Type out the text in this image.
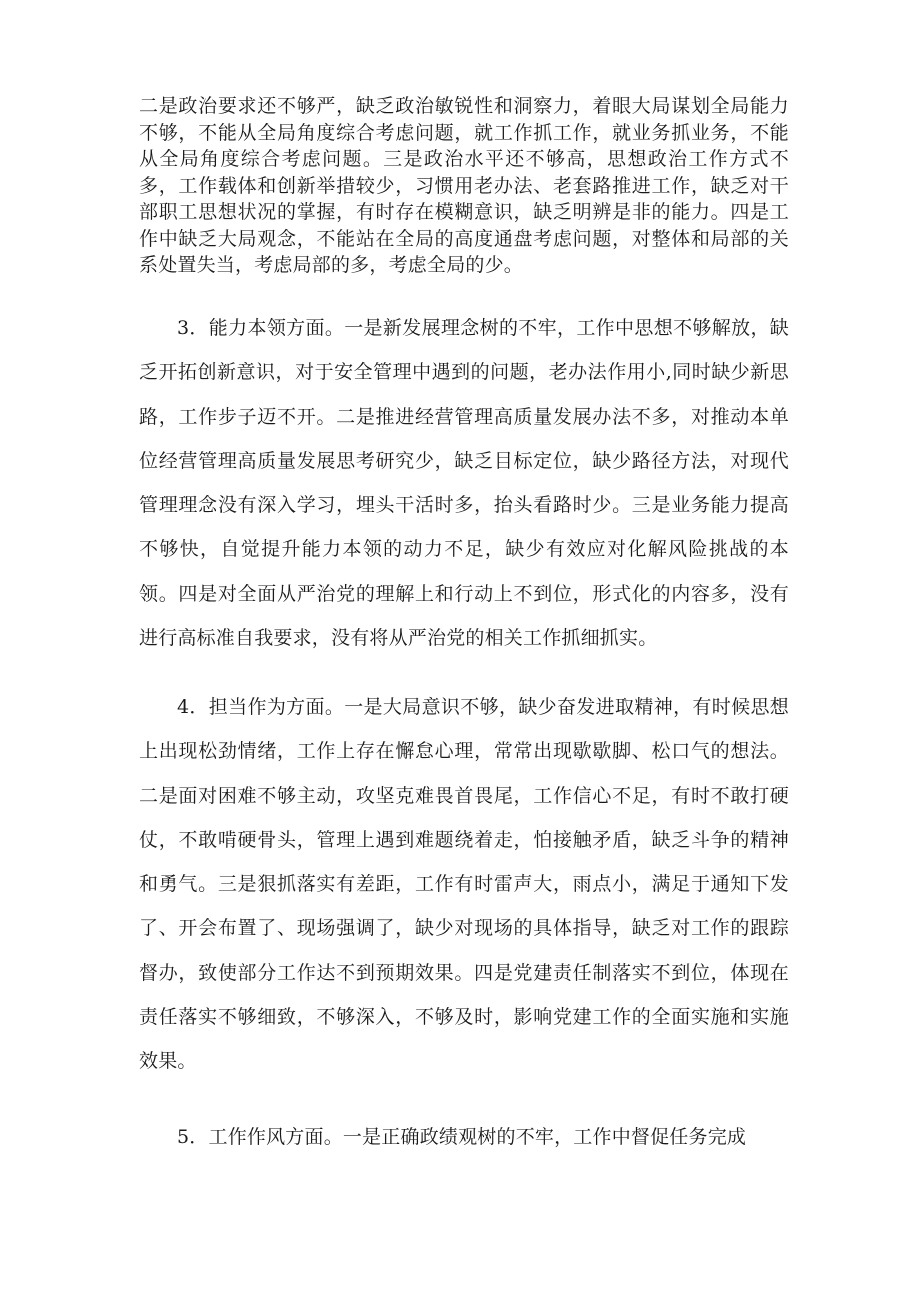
二是政治要求还不够严，缺乏政治敏锐性和洞察力，着眼大局谋划全局能力不够，不能从全局角度综合考虑问题，就工作抓工作，就业务抓业务，不能从全局角度综合考虑问题。三是政治水平还不够高，思想政治工作方式不多，工作载体和创新举措较少，习惯用老办法、老套路推进工作，缺乏对干部职工思想状况的掌握，有时存在模糊意识，缺乏明辨是非的能力。四是工作中缺乏大局观念，不能站在全局的高度通盘考虑问题，对整体和局部的关系处置失当，考虑局部的多，考虑全局的少。

3．能力本领方面。一是新发展理念树的不牢，工作中思想不够解放，缺乏开拓创新意识，对于安全管理中遇到的问题，老办法作用小,同时缺少新思路，工作步子迈不开。二是推进经营管理高质量发展办法不多，对推动本单位经营管理高质量发展思考研究少，缺乏目标定位，缺少路径方法，对现代管理理念没有深入学习，埋头干活时多，抬头看路时少。三是业务能力提高不够快，自觉提升能力本领的动力不足，缺少有效应对化解风险挑战的本领。四是对全面从严治党的理解上和行动上不到位，形式化的内容多，没有进行高标准自我要求，没有将从严治党的相关工作抓细抓实。

4．担当作为方面。一是大局意识不够，缺少奋发进取精神，有时候思想上出现松劲情绪，工作上存在懈怠心理，常常出现歇歇脚、松口气的想法。二是面对困难不够主动，攻坚克难畏首畏尾，工作信心不足，有时不敢打硬仗，不敢啃硬骨头，管理上遇到难题绕着走，怕接触矛盾，缺乏斗争的精神和勇气。三是狠抓落实有差距，工作有时雷声大，雨点小，满足于通知下发了、开会布置了、现场强调了，缺少对现场的具体指导，缺乏对工作的跟踪督办，致使部分工作达不到预期效果。四是党建责任制落实不到位，体现在责任落实不够细致，不够深入，不够及时，影响党建工作的全面实施和实施效果。

5．工作作风方面。一是正确政绩观树的不牢，工作中督促任务完成
